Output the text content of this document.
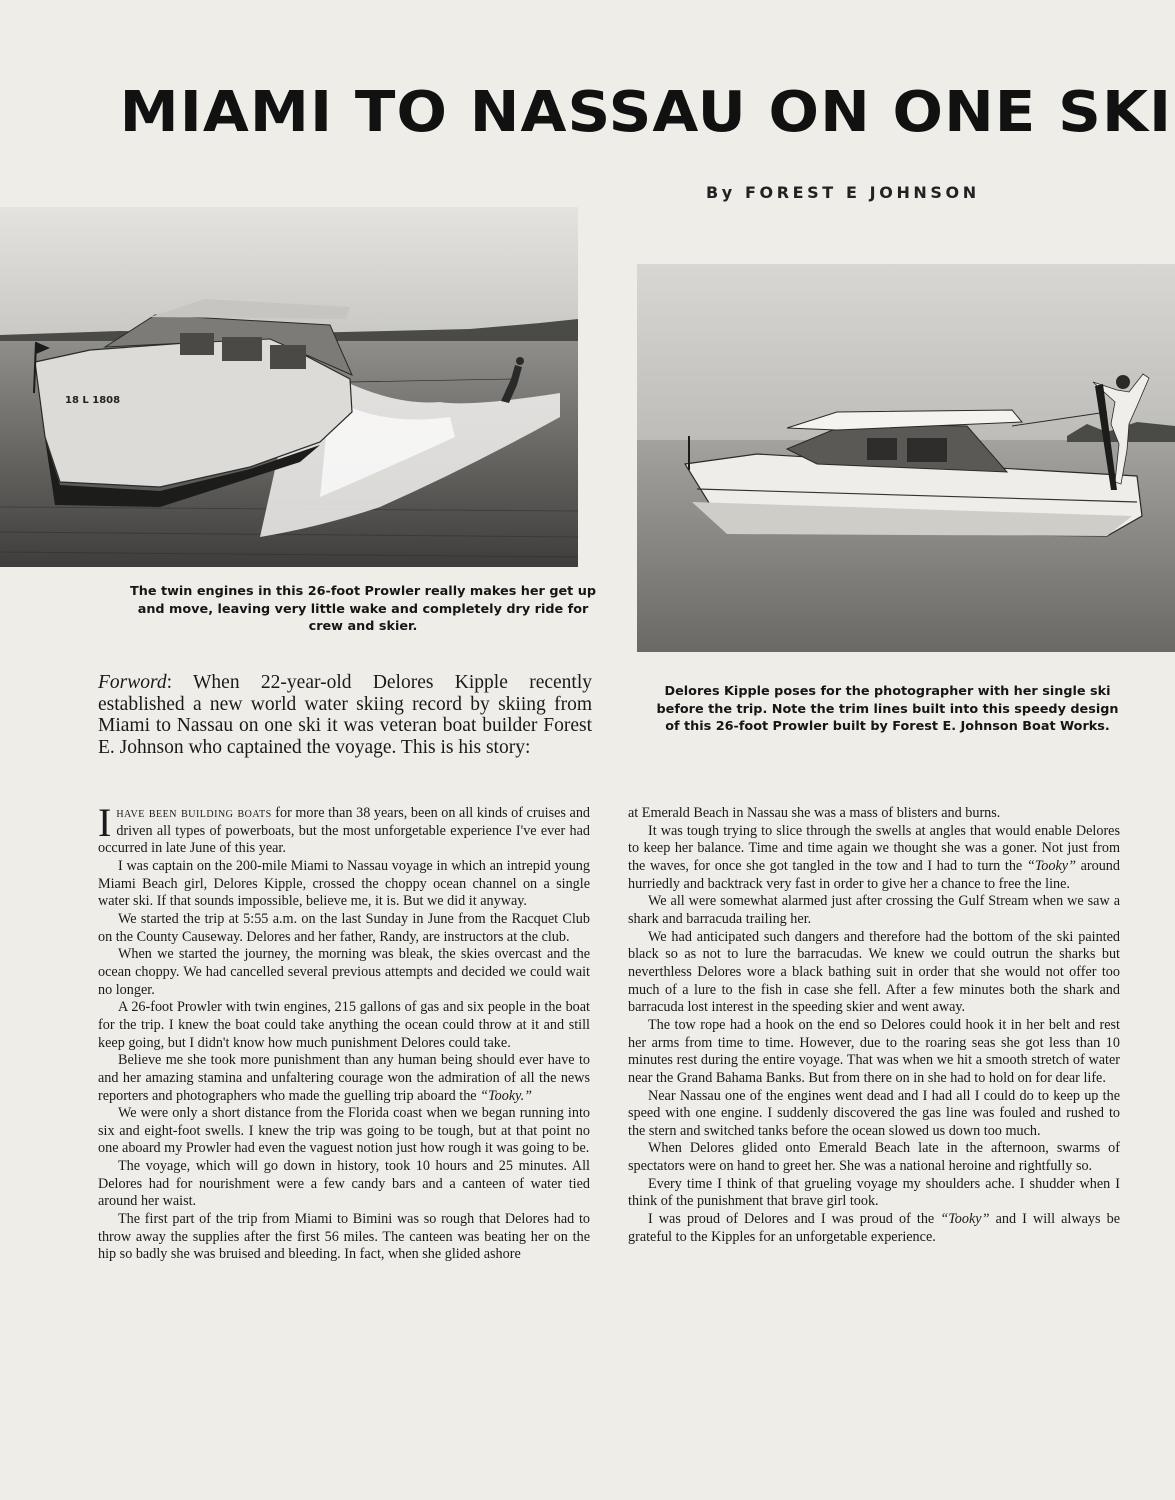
MIAMI TO NASSAU ON ONE SKI
By FOREST E JOHNSON
18 L 1808

The twin engines in this 26-foot Prowler really makes her get up and move, leaving very little wake and completely dry ride for crew and skier.

Delores Kipple poses for the photographer with her single ski before the trip. Note the trim lines built into this speedy design of this 26-foot Prowler built by Forest E. Johnson Boat Works.

Forword: When 22-year-old Delores Kipple recently established a new world water skiing record by skiing from Miami to Nassau on one ski it was veteran boat builder Forest E. Johnson who captained the voyage. This is his story:

Ihave been building boats for more than 38 years, been on all kinds of cruises and driven all types of powerboats, but the most unforgetable experience I've ever had occurred in late June of this year.

I was captain on the 200-mile Miami to Nassau voyage in which an intrepid young Miami Beach girl, Delores Kipple, crossed the choppy ocean channel on a single water ski. If that sounds impossible, believe me, it is. But we did it anyway.

We started the trip at 5:55 a.m. on the last Sunday in June from the Racquet Club on the County Causeway. Delores and her father, Randy, are instructors at the club.

When we started the journey, the morning was bleak, the skies overcast and the ocean choppy. We had cancelled several previous attempts and decided we could wait no longer.

A 26-foot Prowler with twin engines, 215 gallons of gas and six people in the boat for the trip. I knew the boat could take anything the ocean could throw at it and still keep going, but I didn't know how much punishment Delores could take.

Believe me she took more punishment than any human being should ever have to and her amazing stamina and unfaltering courage won the admiration of all the news reporters and photographers who made the guelling trip aboard the “Tooky.”

We were only a short distance from the Florida coast when we began running into six and eight-foot swells. I knew the trip was going to be tough, but at that point no one aboard my Prowler had even the vaguest notion just how rough it was going to be.

The voyage, which will go down in history, took 10 hours and 25 minutes. All Delores had for nourishment were a few candy bars and a canteen of water tied around her waist.

The first part of the trip from Miami to Bimini was so rough that Delores had to throw away the supplies after the first 56 miles. The canteen was beating her on the hip so badly she was bruised and bleeding. In fact, when she glided ashore

at Emerald Beach in Nassau she was a mass of blisters and burns.

It was tough trying to slice through the swells at angles that would enable Delores to keep her balance. Time and time again we thought she was a goner. Not just from the waves, for once she got tangled in the tow and I had to turn the “Tooky” around hurriedly and backtrack very fast in order to give her a chance to free the line.

We all were somewhat alarmed just after crossing the Gulf Stream when we saw a shark and barracuda trailing her.

We had anticipated such dangers and therefore had the bottom of the ski painted black so as not to lure the barracudas. We knew we could outrun the sharks but neverthless Delores wore a black bathing suit in order that she would not offer too much of a lure to the fish in case she fell. After a few minutes both the shark and barracuda lost interest in the speeding skier and went away.

The tow rope had a hook on the end so Delores could hook it in her belt and rest her arms from time to time. However, due to the roaring seas she got less than 10 minutes rest during the entire voyage. That was when we hit a smooth stretch of water near the Grand Bahama Banks. But from there on in she had to hold on for dear life.

Near Nassau one of the engines went dead and I had all I could do to keep up the speed with one engine. I suddenly discovered the gas line was fouled and rushed to the stern and switched tanks before the ocean slowed us down too much.

When Delores glided onto Emerald Beach late in the afternoon, swarms of spectators were on hand to greet her. She was a national heroine and rightfully so.

Every time I think of that grueling voyage my shoulders ache. I shudder when I think of the punishment that brave girl took.

I was proud of Delores and I was proud of the “Tooky” and I will always be grateful to the Kipples for an unforgetable experience.
